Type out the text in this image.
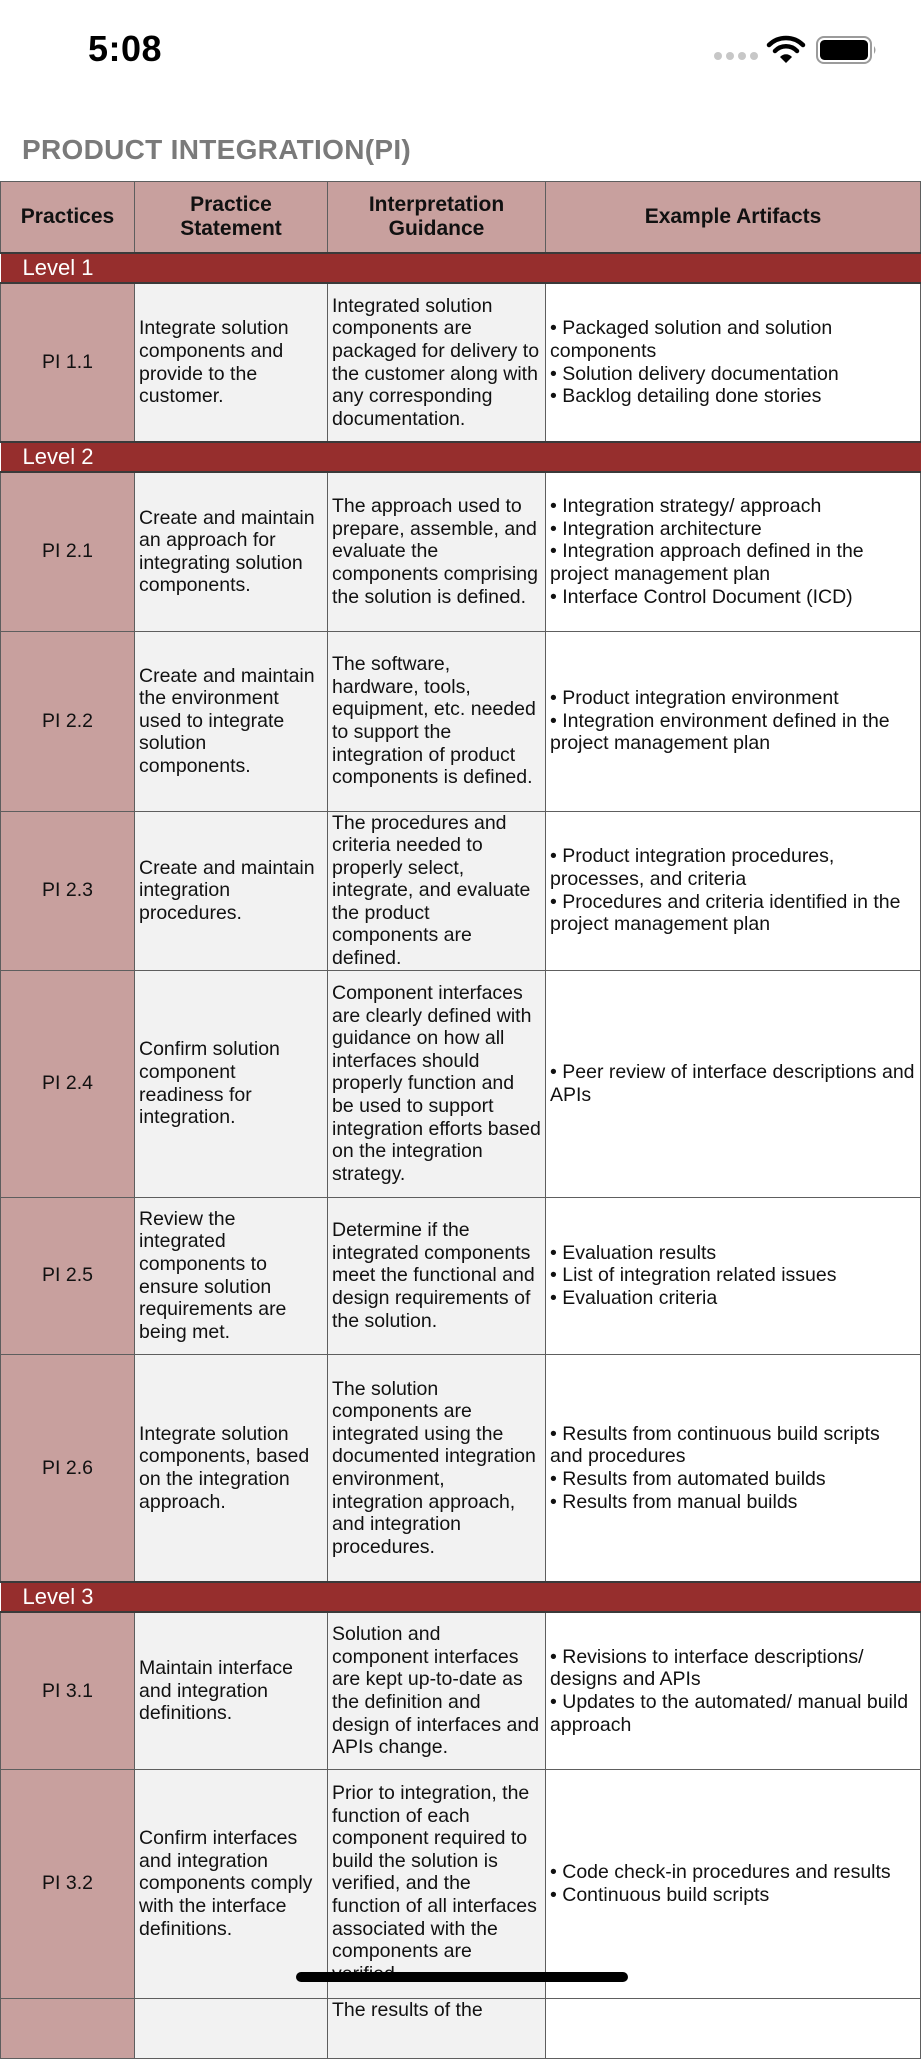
5:08
PRODUCT INTEGRATION(PI)
Practices	Practice Statement	Interpretation Guidance	Example Artifacts
Level 1			
PI 1.1	Integrate solution components and provide to the customer.	Integrated solution components are packaged for delivery to the customer along with any corresponding documentation.	• Packaged solution and solution components
• Solution delivery documentation
• Backlog detailing done stories

Level 2			
PI 2.1	Create and maintain an approach for integrating solution components.	The approach used to prepare, assemble, and evaluate the components comprising the solution is defined.	• Integration strategy/ approach
• Integration architecture
• Integration approach defined in the project management plan
• Interface Control Document (ICD)

PI 2.2	Create and maintain the environment used to integrate solution components.	The software, hardware, tools, equipment, etc. needed to support the integration of product components is defined.	• Product integration environment
• Integration environment defined in the project management plan

PI 2.3	Create and maintain integration procedures.	The procedures and criteria needed to properly select, integrate, and evaluate the product components are defined.	• Product integration procedures, processes, and criteria
• Procedures and criteria identified in the project management plan

PI 2.4	Confirm solution component readiness for integration.	Component interfaces are clearly defined with guidance on how all interfaces should properly function and be used to support integration efforts based on the integration strategy.	• Peer review of interface descriptions and APIs

PI 2.5	Review the integrated components to ensure solution requirements are being met.	Determine if the integrated components meet the functional and design requirements of the solution.	• Evaluation results
• List of integration related issues
• Evaluation criteria

PI 2.6	Integrate solution components, based on the integration approach.	The solution components are integrated using the documented integration environment, integration approach, and integration procedures.	• Results from continuous build scripts and procedures
• Results from automated builds
• Results from manual builds

Level 3			
PI 3.1	Maintain interface and integration definitions.	Solution and component interfaces are kept up-to-date as the definition and design of interfaces and APIs change.	• Revisions to interface descriptions/ designs and APIs
• Updates to the automated/ manual build approach

PI 3.2	Confirm interfaces and integration components comply with the interface definitions.	Prior to integration, the function of each component required to build the solution is verified, and the function of all interfaces associated with the components are	• Code check-in procedures and results
• Continuous build scripts

		The results of the	
